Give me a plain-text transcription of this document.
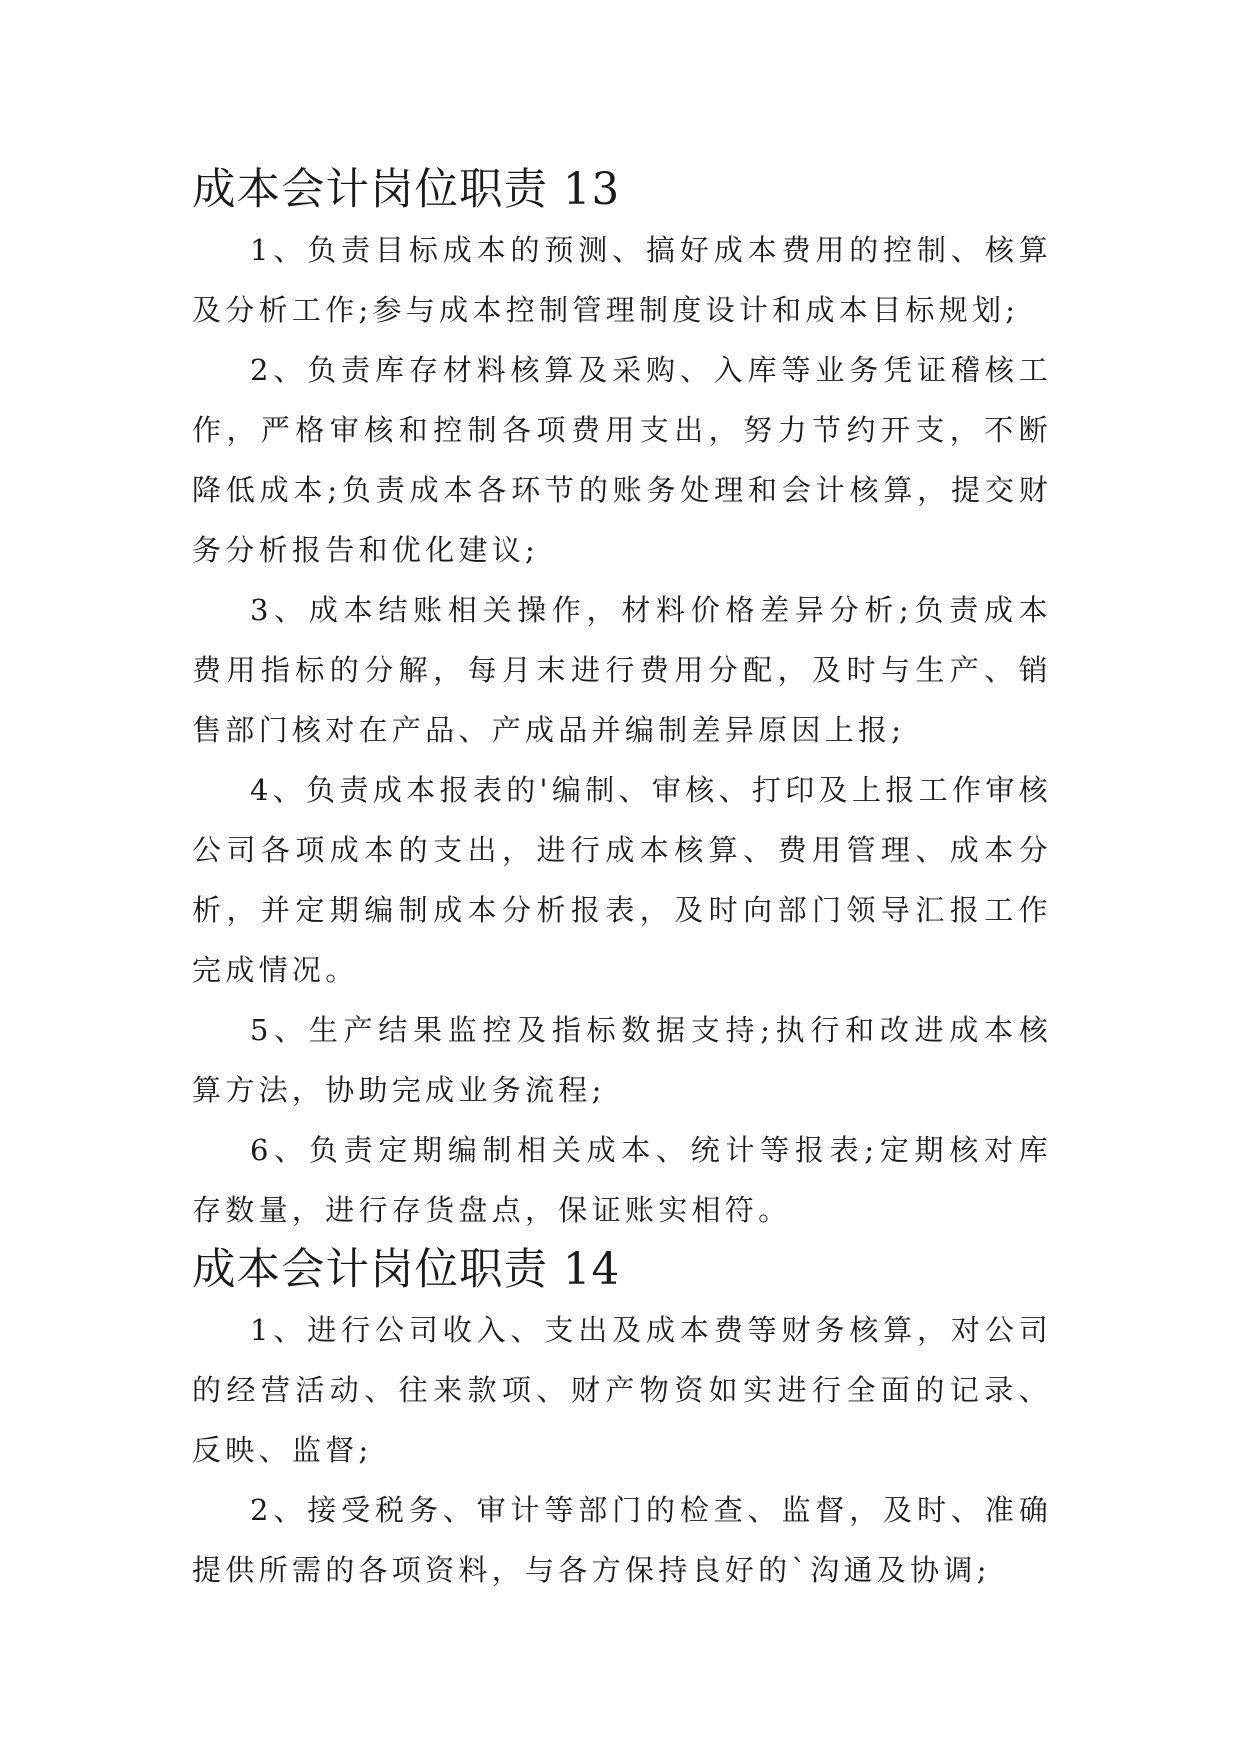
成本会计岗位职责 13

1、负责目标成本的预测、搞好成本费用的控制、核算及分析工作;参与成本控制管理制度设计和成本目标规划;

2、负责库存材料核算及采购、入库等业务凭证稽核工作，严格审核和控制各项费用支出，努力节约开支，不断降低成本;负责成本各环节的账务处理和会计核算，提交财务分析报告和优化建议;

3、成本结账相关操作，材料价格差异分析;负责成本费用指标的分解，每月末进行费用分配，及时与生产、销售部门核对在产品、产成品并编制差异原因上报;

4、负责成本报表的'编制、审核、打印及上报工作审核公司各项成本的支出，进行成本核算、费用管理、成本分析，并定期编制成本分析报表，及时向部门领导汇报工作完成情况。

5、生产结果监控及指标数据支持;执行和改进成本核算方法，协助完成业务流程;

6、负责定期编制相关成本、统计等报表;定期核对库存数量，进行存货盘点，保证账实相符。

成本会计岗位职责 14

1、进行公司收入、支出及成本费等财务核算，对公司的经营活动、往来款项、财产物资如实进行全面的记录、反映、监督;

2、接受税务、审计等部门的检查、监督，及时、准确提供所需的各项资料，与各方保持良好的`沟通及协调;
